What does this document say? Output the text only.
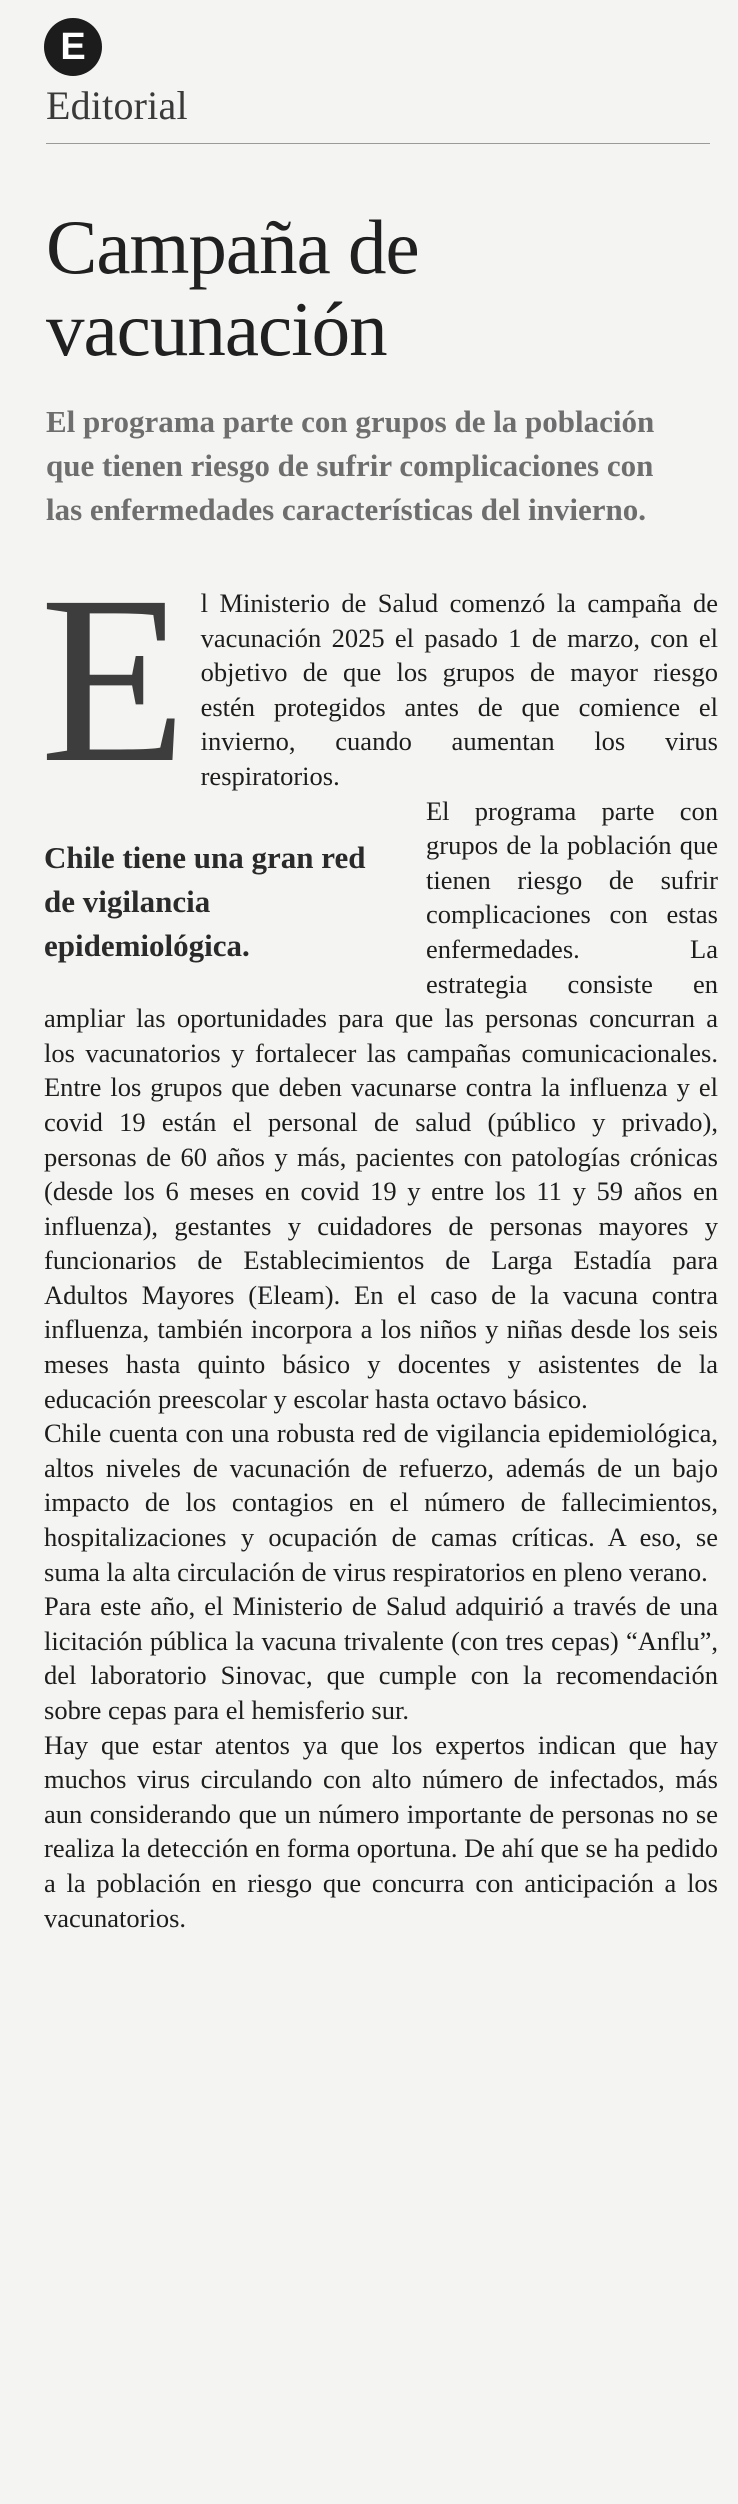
E
Editorial
Campaña de
vacunación

El programa parte con grupos de la población que tienen riesgo de sufrir complicaciones con las enfermedades características del invierno.

E l Ministerio de Salud comenzó la campaña de vacunación 2025 el pasado 1 de marzo, con el objetivo de que los grupos de mayor riesgo estén protegidos antes de que comience el invierno, cuando aumentan los virus respiratorios.

Chile tiene una gran red de vigilancia epidemiológica.
El programa parte con grupos de la población que tienen riesgo de sufrir complicaciones con estas enfermedades. La estrategia consiste en ampliar las oportunidades para que las personas concurran a los vacunatorios y fortalecer las campañas comunicacionales. Entre los grupos que deben vacunarse contra la influenza y el covid 19 están el personal de salud (público y privado), personas de 60 años y más, pacientes con patologías crónicas (desde los 6 meses en covid 19 y entre los 11 y 59 años en influenza), gestantes y cuidadores de personas mayores y funcionarios de Establecimientos de Larga Estadía para Adultos Mayores (Eleam). En el caso de la vacuna contra influenza, también incorpora a los niños y niñas desde los seis meses hasta quinto básico y docentes y asistentes de la educación preescolar y escolar hasta octavo básico.

Chile cuenta con una robusta red de vigilancia epidemiológica, altos niveles de vacunación de refuerzo, además de un bajo impacto de los contagios en el número de fallecimientos, hospitalizaciones y ocupación de camas críticas. A eso, se suma la alta circulación de virus respiratorios en pleno verano.

Para este año, el Ministerio de Salud adquirió a través de una licitación pública la vacuna trivalente (con tres cepas) “Anflu”, del laboratorio Sinovac, que cumple con la recomendación sobre cepas para el hemisferio sur.

Hay que estar atentos ya que los expertos indican que hay muchos virus circulando con alto número de infectados, más aun considerando que un número importante de personas no se realiza la detección en forma oportuna. De ahí que se ha pedido a la población en riesgo que concurra con anticipación a los vacunatorios.
